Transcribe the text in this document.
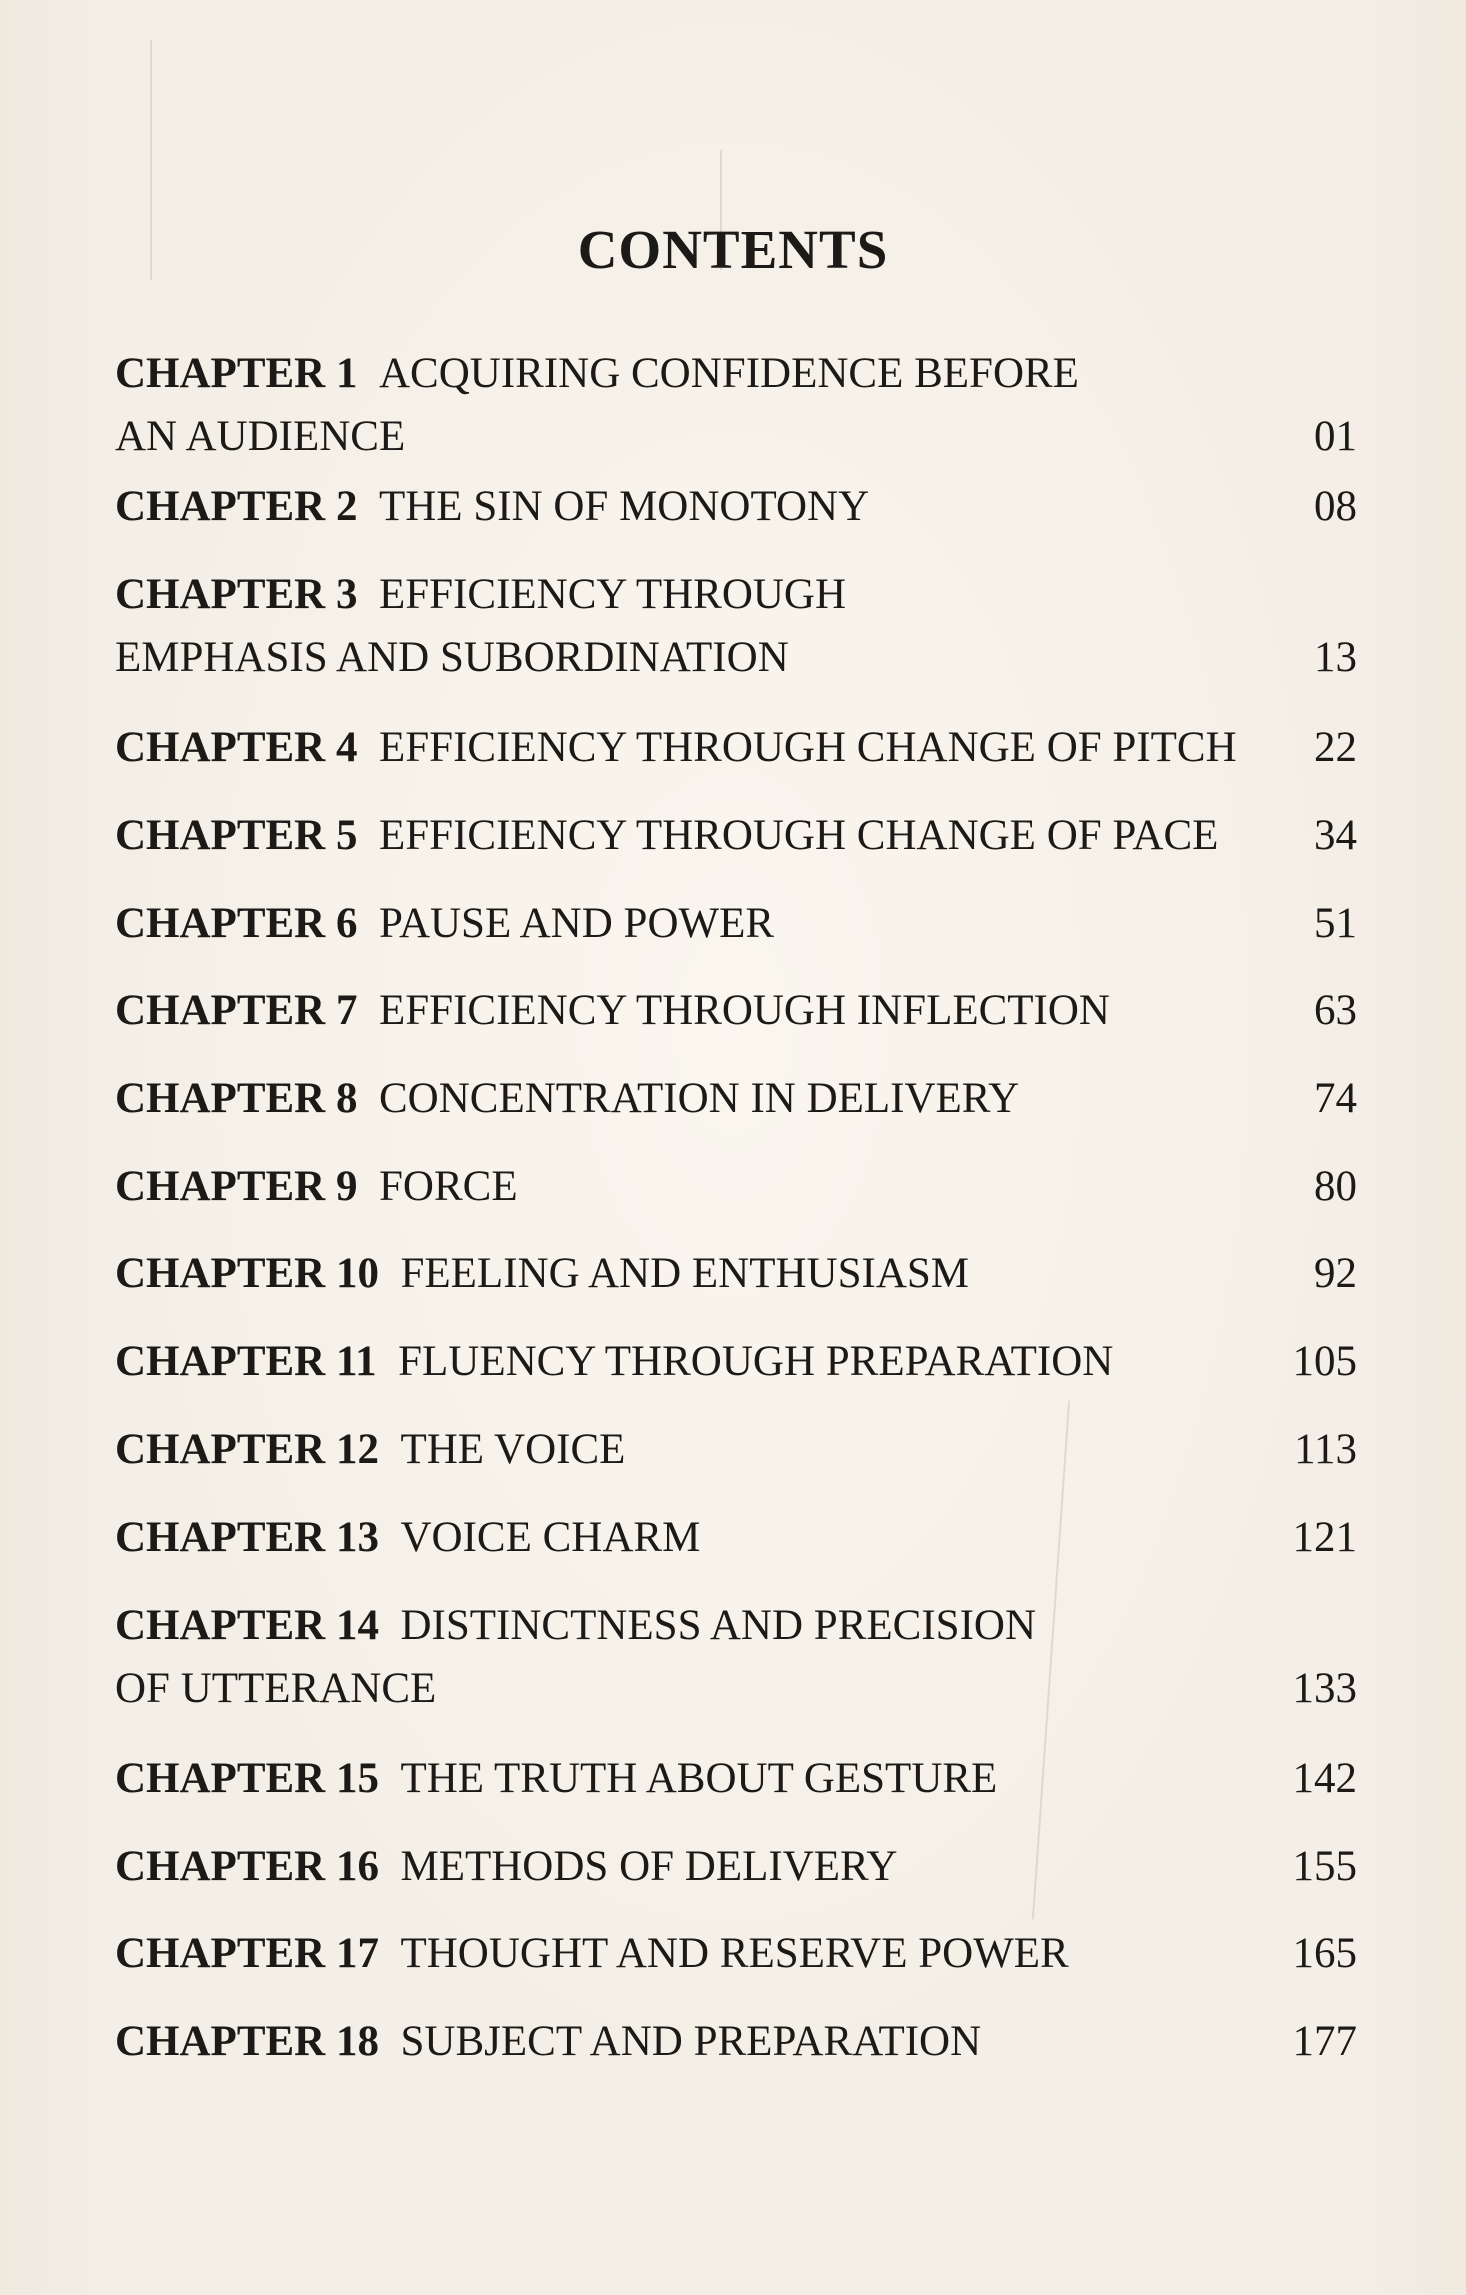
CONTENTS
CHAPTER 1 ACQUIRING CONFIDENCE BEFORE
AN AUDIENCE	01
CHAPTER 2 THE SIN OF MONOTONY	08
CHAPTER 3 EFFICIENCY THROUGH
EMPHASIS AND SUBORDINATION	13
CHAPTER 4 EFFICIENCY THROUGH CHANGE OF PITCH	22
CHAPTER 5 EFFICIENCY THROUGH CHANGE OF PACE	34
CHAPTER 6 PAUSE AND POWER	51
CHAPTER 7 EFFICIENCY THROUGH INFLECTION	63
CHAPTER 8 CONCENTRATION IN DELIVERY	74
CHAPTER 9 FORCE	80
CHAPTER 10 FEELING AND ENTHUSIASM	92
CHAPTER 11 FLUENCY THROUGH PREPARATION	105
CHAPTER 12 THE VOICE	113
CHAPTER 13 VOICE CHARM	121
CHAPTER 14 DISTINCTNESS AND PRECISION
OF UTTERANCE	133
CHAPTER 15 THE TRUTH ABOUT GESTURE	142
CHAPTER 16 METHODS OF DELIVERY	155
CHAPTER 17 THOUGHT AND RESERVE POWER	165
CHAPTER 18 SUBJECT AND PREPARATION	177
